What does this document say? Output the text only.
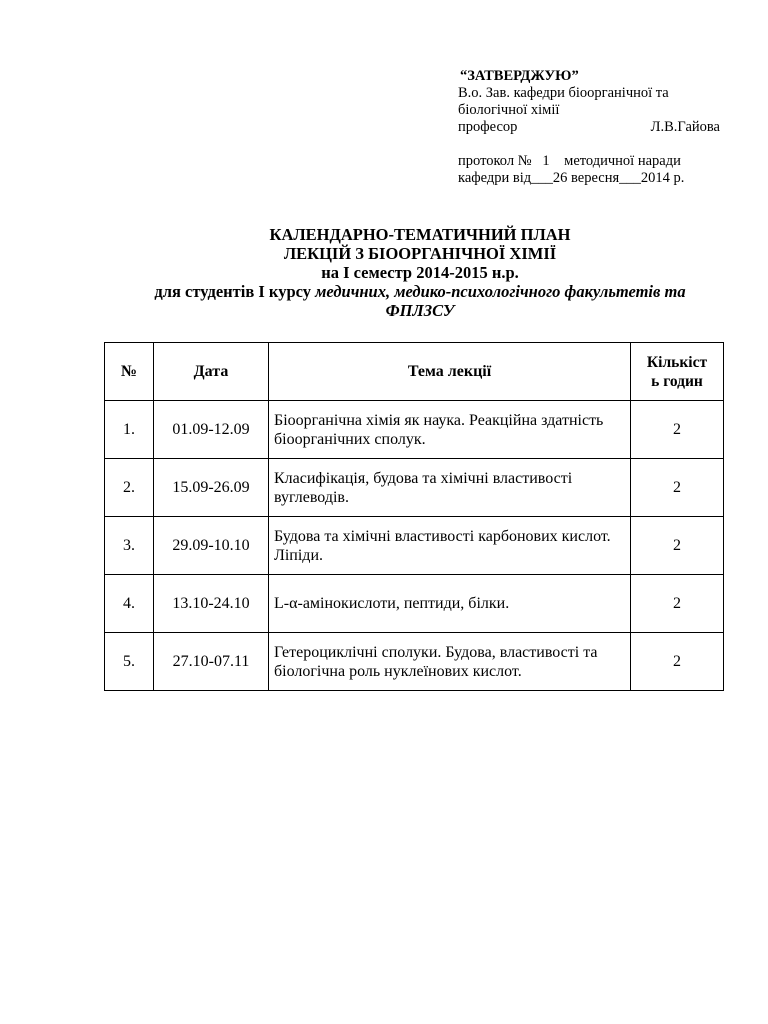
“ЗАТВЕРДЖУЮ”
В.о. Зав. кафедри біоорганічної та
біологічної хімії
професор	Л.В.Гайова
протокол №   1    методичної наради
кафедри від___26 вересня___2014 р.
КАЛЕНДАРНО-ТЕМАТИЧНИЙ ПЛАН
ЛЕКЦІЙ З БІООРГАНІЧНОЇ ХІМІЇ
на І семестр 2014-2015 н.р.
для студентів І курсу медичних, медико-психологічного факультетів та
ФПЛЗСУ
№	Дата	Тема лекції	Кількіст
ь годин

1.	01.09-12.09	Біоорганічна хімія як наука. Реакційна здатність
біоорганічних сполук.	2
2.	15.09-26.09	Класифікація, будова та хімічні властивості
вуглеводів.	2
3.	29.09-10.10	Будова та хімічні властивості карбонових кислот.
Ліпіди.	2
4.	13.10-24.10	L-α-амінокислоти, пептиди, білки.	2
5.	27.10-07.11	Гетероциклічні сполуки. Будова, властивості та
біологічна роль нуклеїнових кислот.	2
